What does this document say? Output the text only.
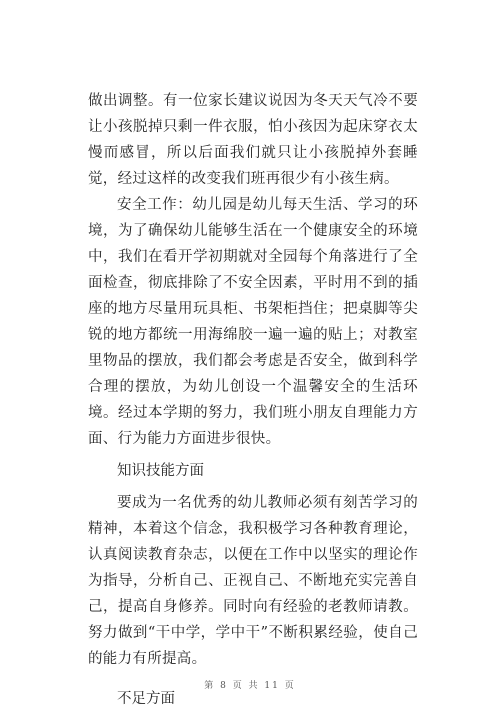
做出调整。有一位家长建议说因为冬天天气冷不要让小孩脱掉只剩一件衣服，怕小孩因为起床穿衣太慢而感冒，所以后面我们就只让小孩脱掉外套睡觉，经过这样的改变我们班再很少有小孩生病。

安全工作：幼儿园是幼儿每天生活、学习的环境，为了确保幼儿能够生活在一个健康安全的环境中，我们在看开学初期就对全园每个角落进行了全面检查，彻底排除了不安全因素，平时用不到的插座的地方尽量用玩具柜、书架柜挡住；把桌脚等尖锐的地方都统一用海绵胶一遍一遍的贴上；对教室里物品的摆放，我们都会考虑是否安全，做到科学合理的摆放，为幼儿创设一个温馨安全的生活环境。经过本学期的努力，我们班小朋友自理能力方面、行为能力方面进步很快。

知识技能方面

要成为一名优秀的幼儿教师必须有刻苦学习的精神，本着这个信念，我积极学习各种教育理论，认真阅读教育杂志，以便在工作中以坚实的理论作为指导，分析自己、正视自己、不断地充实完善自己，提高自身修养。同时向有经验的老教师请教。努力做到“干中学，学中干”不断积累经验，使自己的能力有所提高。

不足方面

第 8 页 共 11 页
